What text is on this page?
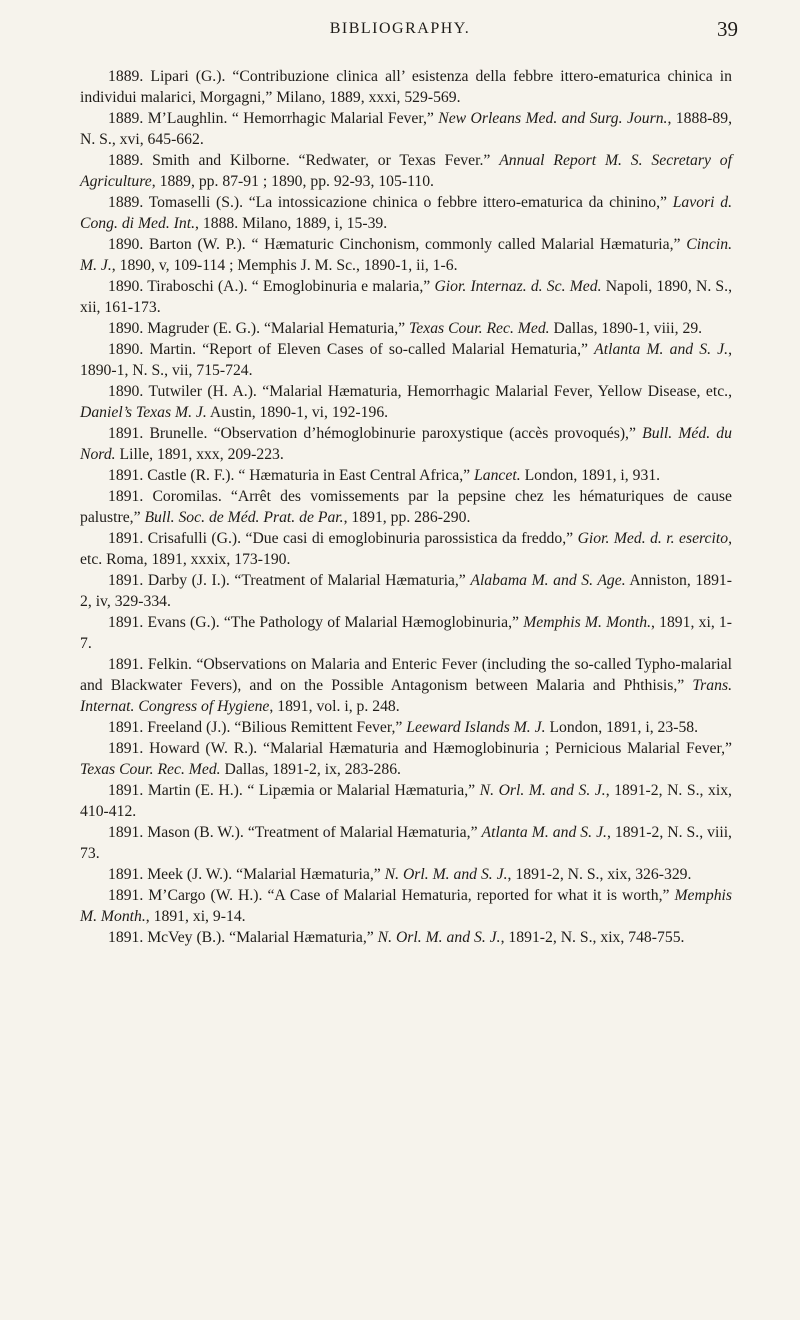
BIBLIOGRAPHY.	39

1889. Lipari (G.). “Contribuzione clinica all’ esistenza della febbre ittero-ematurica chinica in individui malarici, Morgagni,” Milano, 1889, xxxi, 529-569.

1889. M’Laughlin. “ Hemorrhagic Malarial Fever,” New Orleans Med. and Surg. Journ., 1888-89, N. S., xvi, 645-662.

1889. Smith and Kilborne. “Redwater, or Texas Fever.” Annual Report M. S. Secretary of Agriculture, 1889, pp. 87-91 ; 1890, pp. 92-93, 105-110.

1889. Tomaselli (S.). “La intossicazione chinica o febbre ittero-ematurica da chinino,” Lavori d. Cong. di Med. Int., 1888. Milano, 1889, i, 15-39.

1890. Barton (W. P.). “ Hæmaturic Cinchonism, commonly called Malarial Hæmaturia,” Cincin. M. J., 1890, v, 109-114 ; Memphis J. M. Sc., 1890-1, ii, 1-6.

1890. Tiraboschi (A.). “ Emoglobinuria e malaria,” Gior. Internaz. d. Sc. Med. Napoli, 1890, N. S., xii, 161-173.

1890. Magruder (E. G.). “Malarial Hematuria,” Texas Cour. Rec. Med. Dallas, 1890-1, viii, 29.

1890. Martin. “Report of Eleven Cases of so-called Malarial Hematuria,” Atlanta M. and S. J., 1890-1, N. S., vii, 715-724.

1890. Tutwiler (H. A.). “Malarial Hæmaturia, Hemorrhagic Malarial Fever, Yellow Disease, etc., Daniel’s Texas M. J. Austin, 1890-1, vi, 192-196.

1891. Brunelle. “Observation d’hémoglobinurie paroxystique (accès provoqués),” Bull. Méd. du Nord. Lille, 1891, xxx, 209-223.

1891. Castle (R. F.). “ Hæmaturia in East Central Africa,” Lancet. London, 1891, i, 931.

1891. Coromilas. “Arrêt des vomissements par la pepsine chez les hématuriques de cause palustre,” Bull. Soc. de Méd. Prat. de Par., 1891, pp. 286-290.

1891. Crisafulli (G.). “Due casi di emoglobinuria parossistica da freddo,” Gior. Med. d. r. esercito, etc. Roma, 1891, xxxix, 173-190.

1891. Darby (J. I.). “Treatment of Malarial Hæmaturia,” Alabama M. and S. Age. Anniston, 1891-2, iv, 329-334.

1891. Evans (G.). “The Pathology of Malarial Hæmoglobinuria,” Memphis M. Month., 1891, xi, 1-7.

1891. Felkin. “Observations on Malaria and Enteric Fever (including the so-called Typho-malarial and Blackwater Fevers), and on the Possible Antagonism between Malaria and Phthisis,” Trans. Internat. Congress of Hygiene, 1891, vol. i, p. 248.

1891. Freeland (J.). “Bilious Remittent Fever,” Leeward Islands M. J. London, 1891, i, 23-58.

1891. Howard (W. R.). “Malarial Hæmaturia and Hæmoglobinuria ; Pernicious Malarial Fever,” Texas Cour. Rec. Med. Dallas, 1891-2, ix, 283-286.

1891. Martin (E. H.). “ Lipæmia or Malarial Hæmaturia,” N. Orl. M. and S. J., 1891-2, N. S., xix, 410-412.

1891. Mason (B. W.). “Treatment of Malarial Hæmaturia,” Atlanta M. and S. J., 1891-2, N. S., viii, 73.

1891. Meek (J. W.). “Malarial Hæmaturia,” N. Orl. M. and S. J., 1891-2, N. S., xix, 326-329.

1891. M’Cargo (W. H.). “A Case of Malarial Hematuria, reported for what it is worth,” Memphis M. Month., 1891, xi, 9-14.

1891. McVey (B.). “Malarial Hæmaturia,” N. Orl. M. and S. J., 1891-2, N. S., xix, 748-755.
